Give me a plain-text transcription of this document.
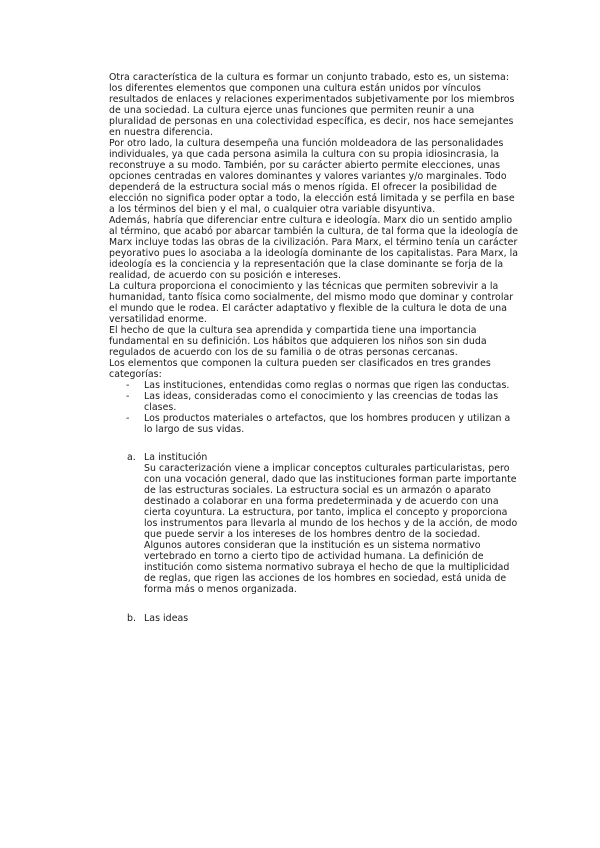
Otra característica de la cultura es formar un conjunto trabado, esto es, un sistema: los diferentes elementos que componen una cultura están unidos por vínculos resultados de enlaces y relaciones experimentados subjetivamente por los miembros de una sociedad. La cultura ejerce unas funciones que permiten reunir a una pluralidad de personas en una colectividad específica, es decir, nos hace semejantes en nuestra diferencia.

Por otro lado, la cultura desempeña una función moldeadora de las personalidades individuales, ya que cada persona asimila la cultura con su propia idiosincrasia, la reconstruye a su modo. También, por su carácter abierto permite elecciones, unas opciones centradas en valores dominantes y valores variantes y/o marginales. Todo dependerá de la estructura social más o menos rígida. El ofrecer la posibilidad de elección no significa poder optar a todo, la elección está limitada y se perfila en base a los términos del bien y el mal, o cualquier otra variable disyuntiva.

Además, habría que diferenciar entre cultura e ideología. Marx dio un sentido amplio al término, que acabó por abarcar también la cultura, de tal forma que la ideología de Marx incluye todas las obras de la civilización. Para Marx, el término tenía un carácter peyorativo pues lo asociaba a la ideología dominante de los capitalistas. Para Marx, la ideología es la conciencia y la representación que la clase dominante se forja de la realidad, de acuerdo con su posición e intereses.

La cultura proporciona el conocimiento y las técnicas que permiten sobrevivir a la humanidad, tanto física como socialmente, del mismo modo que dominar y controlar el mundo que le rodea. El carácter adaptativo y flexible de la cultura le dota de una versatilidad enorme.

El hecho de que la cultura sea aprendida y compartida tiene una importancia fundamental en su definición. Los hábitos que adquieren los niños son sin duda regulados de acuerdo con los de su familia o de otras personas cercanas.

Los elementos que componen la cultura pueden ser clasificados en tres grandes categorías:

- Las instituciones, entendidas como reglas o normas que rigen las conductas.
- Las ideas, consideradas como el conocimiento y las creencias de todas las clases.
- Los productos materiales o artefactos, que los hombres producen y utilizan a lo largo de sus vidas.
a. La institución
Su caracterización viene a implicar conceptos culturales particularistas, pero con una vocación general, dado que las instituciones forman parte importante de las estructuras sociales. La estructura social es un armazón o aparato destinado a colaborar en una forma predeterminada y de acuerdo con una cierta coyuntura. La estructura, por tanto, implica el concepto y proporciona los instrumentos para llevarla al mundo de los hechos y de la acción, de modo que puede servir a los intereses de los hombres dentro de la sociedad. Algunos autores consideran que la institución es un sistema normativo vertebrado en torno a cierto tipo de actividad humana. La definición de institución como sistema normativo subraya el hecho de que la multiplicidad de reglas, que rigen las acciones de los hombres en sociedad, está unida de forma más o menos organizada.
b. Las ideas
